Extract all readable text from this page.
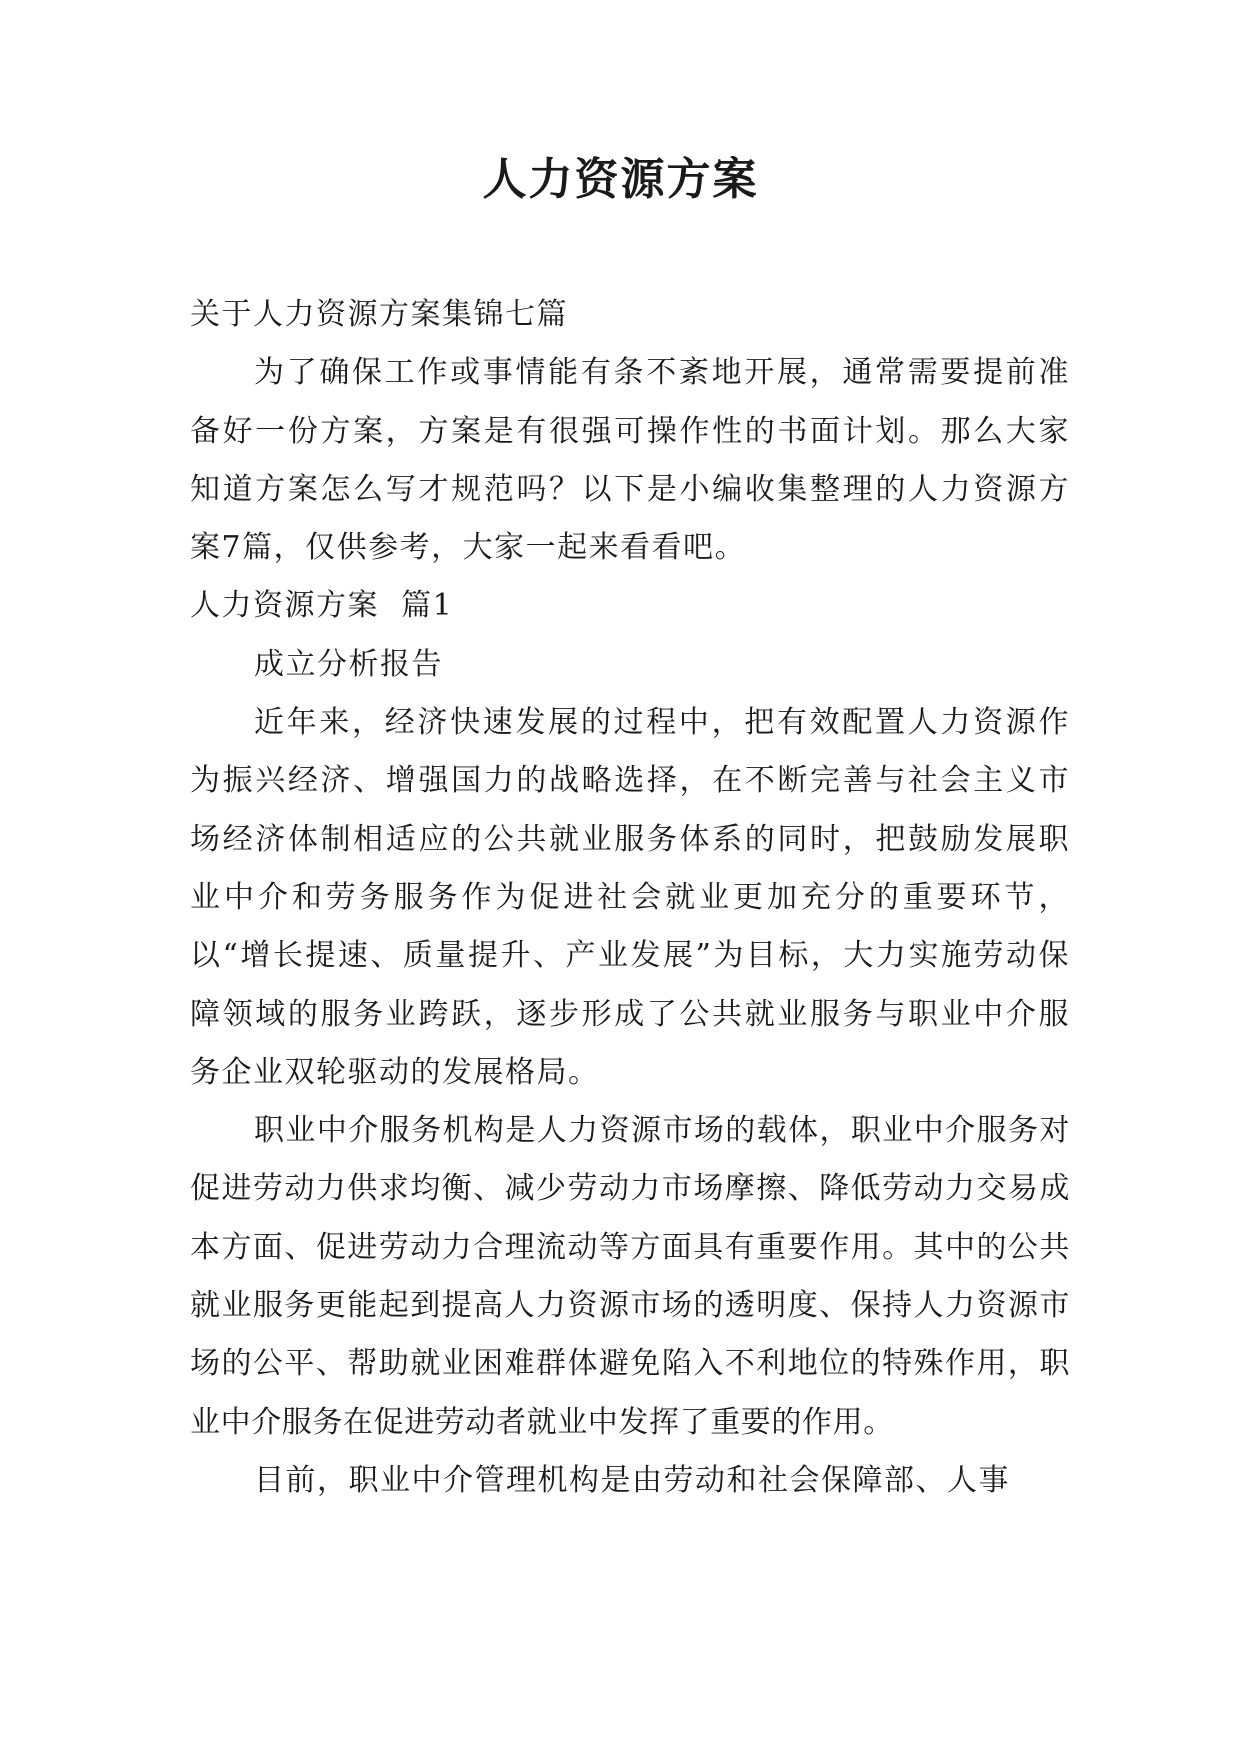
人力资源方案

关于人力资源方案集锦七篇

为了确保工作或事情能有条不紊地开展，通常需要提前准备好一份方案，方案是有很强可操作性的书面计划。那么大家知道方案怎么写才规范吗？以下是小编收集整理的人力资源方案7篇，仅供参考，大家一起来看看吧。

人力资源方案  篇1

成立分析报告

近年来，经济快速发展的过程中，把有效配置人力资源作为振兴经济、增强国力的战略选择，在不断完善与社会主义市场经济体制相适应的公共就业服务体系的同时，把鼓励发展职业中介和劳务服务作为促进社会就业更加充分的重要环节，以“增长提速、质量提升、产业发展”为目标，大力实施劳动保障领域的服务业跨跃，逐步形成了公共就业服务与职业中介服务企业双轮驱动的发展格局。

职业中介服务机构是人力资源市场的载体，职业中介服务对促进劳动力供求均衡、减少劳动力市场摩擦、降低劳动力交易成本方面、促进劳动力合理流动等方面具有重要作用。其中的公共就业服务更能起到提高人力资源市场的透明度、保持人力资源市场的公平、帮助就业困难群体避免陷入不利地位的特殊作用，职业中介服务在促进劳动者就业中发挥了重要的作用。

目前，职业中介管理机构是由劳动和社会保障部、人事
